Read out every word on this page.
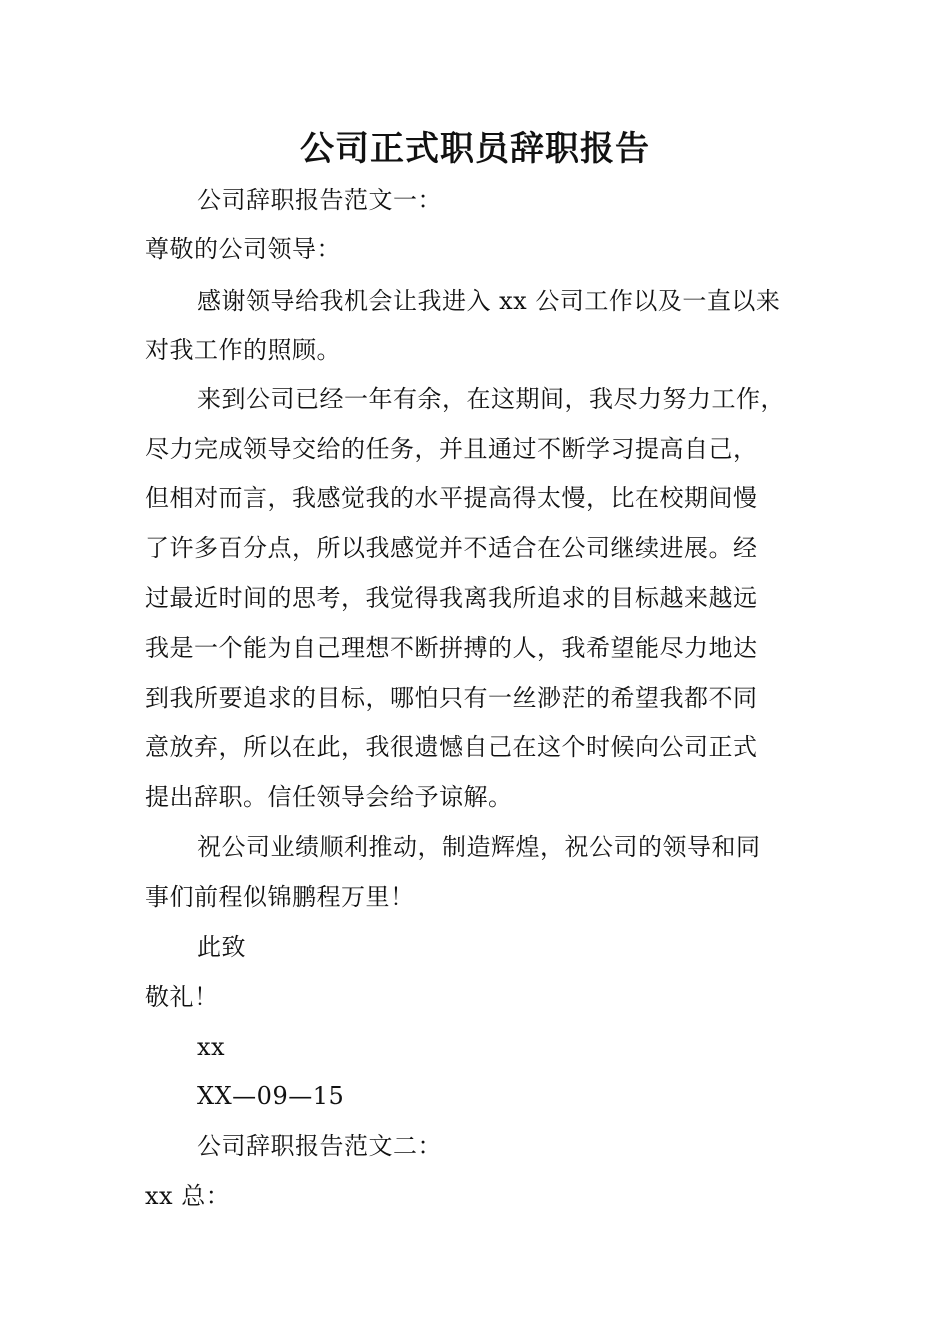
公司正式职员辞职报告
公司辞职报告范文一：
尊敬的公司领导：
感谢领导给我机会让我进入 xx 公司工作以及一直以来
对我工作的照顾。
来到公司已经一年有余，在这期间，我尽力努力工作，
尽力完成领导交给的任务，并且通过不断学习提高自己，
但相对而言，我感觉我的水平提高得太慢，比在校期间慢
了许多百分点，所以我感觉并不适合在公司继续进展。经
过最近时间的思考，我觉得我离我所追求的目标越来越远
我是一个能为自己理想不断拼搏的人，我希望能尽力地达
到我所要追求的目标，哪怕只有一丝渺茫的希望我都不同
意放弃，所以在此，我很遗憾自己在这个时候向公司正式
提出辞职。信任领导会给予谅解。
祝公司业绩顺利推动，制造辉煌，祝公司的领导和同
事们前程似锦鹏程万里！
此致
敬礼！
xx
XX—09—15
公司辞职报告范文二：
xx 总：
